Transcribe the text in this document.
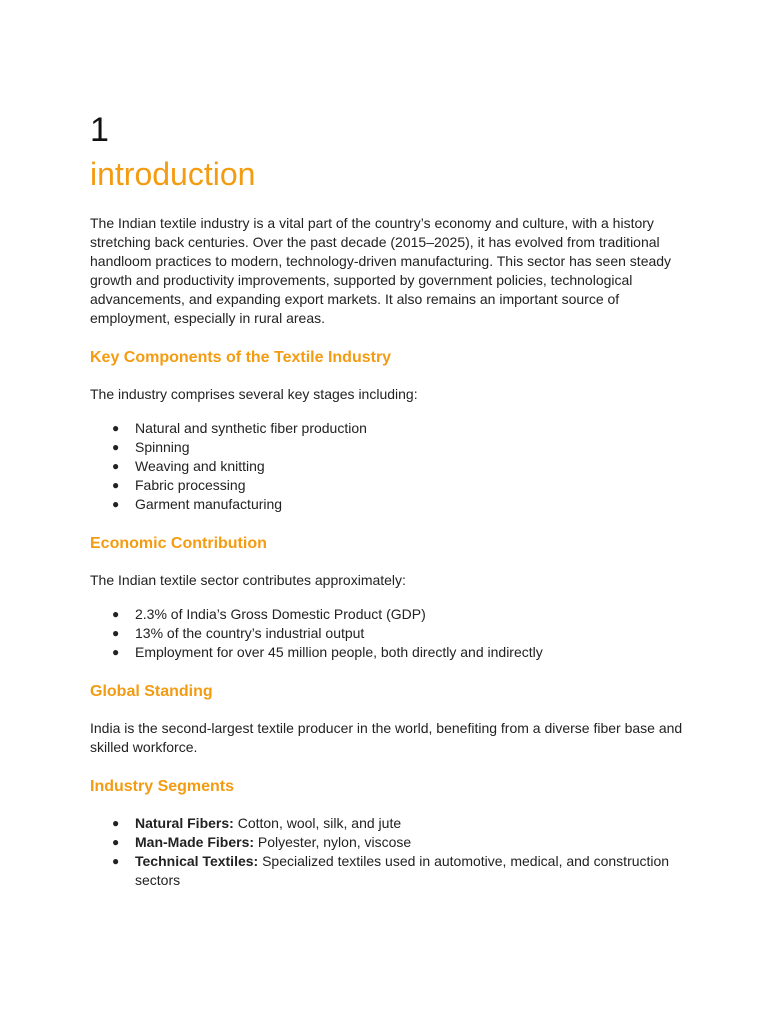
1
introduction

The Indian textile industry is a vital part of the country’s economy and culture, with a history stretching back centuries. Over the past decade (2015–2025), it has evolved from traditional handloom practices to modern, technology-driven manufacturing. This sector has seen steady growth and productivity improvements, supported by government policies, technological advancements, and expanding export markets. It also remains an important source of employment, especially in rural areas.

Key Components of the Textile Industry

The industry comprises several key stages including:

● Natural and synthetic fiber production
● Spinning
● Weaving and knitting
● Fabric processing
● Garment manufacturing
Economic Contribution

The Indian textile sector contributes approximately:

● 2.3% of India’s Gross Domestic Product (GDP)
● 13% of the country’s industrial output
● Employment for over 45 million people, both directly and indirectly
Global Standing

India is the second-largest textile producer in the world, benefiting from a diverse fiber base and skilled workforce.

Industry Segments
● Natural Fibers: Cotton, wool, silk, and jute
● Man-Made Fibers: Polyester, nylon, viscose
● Technical Textiles: Specialized textiles used in automotive, medical, and construction sectors
